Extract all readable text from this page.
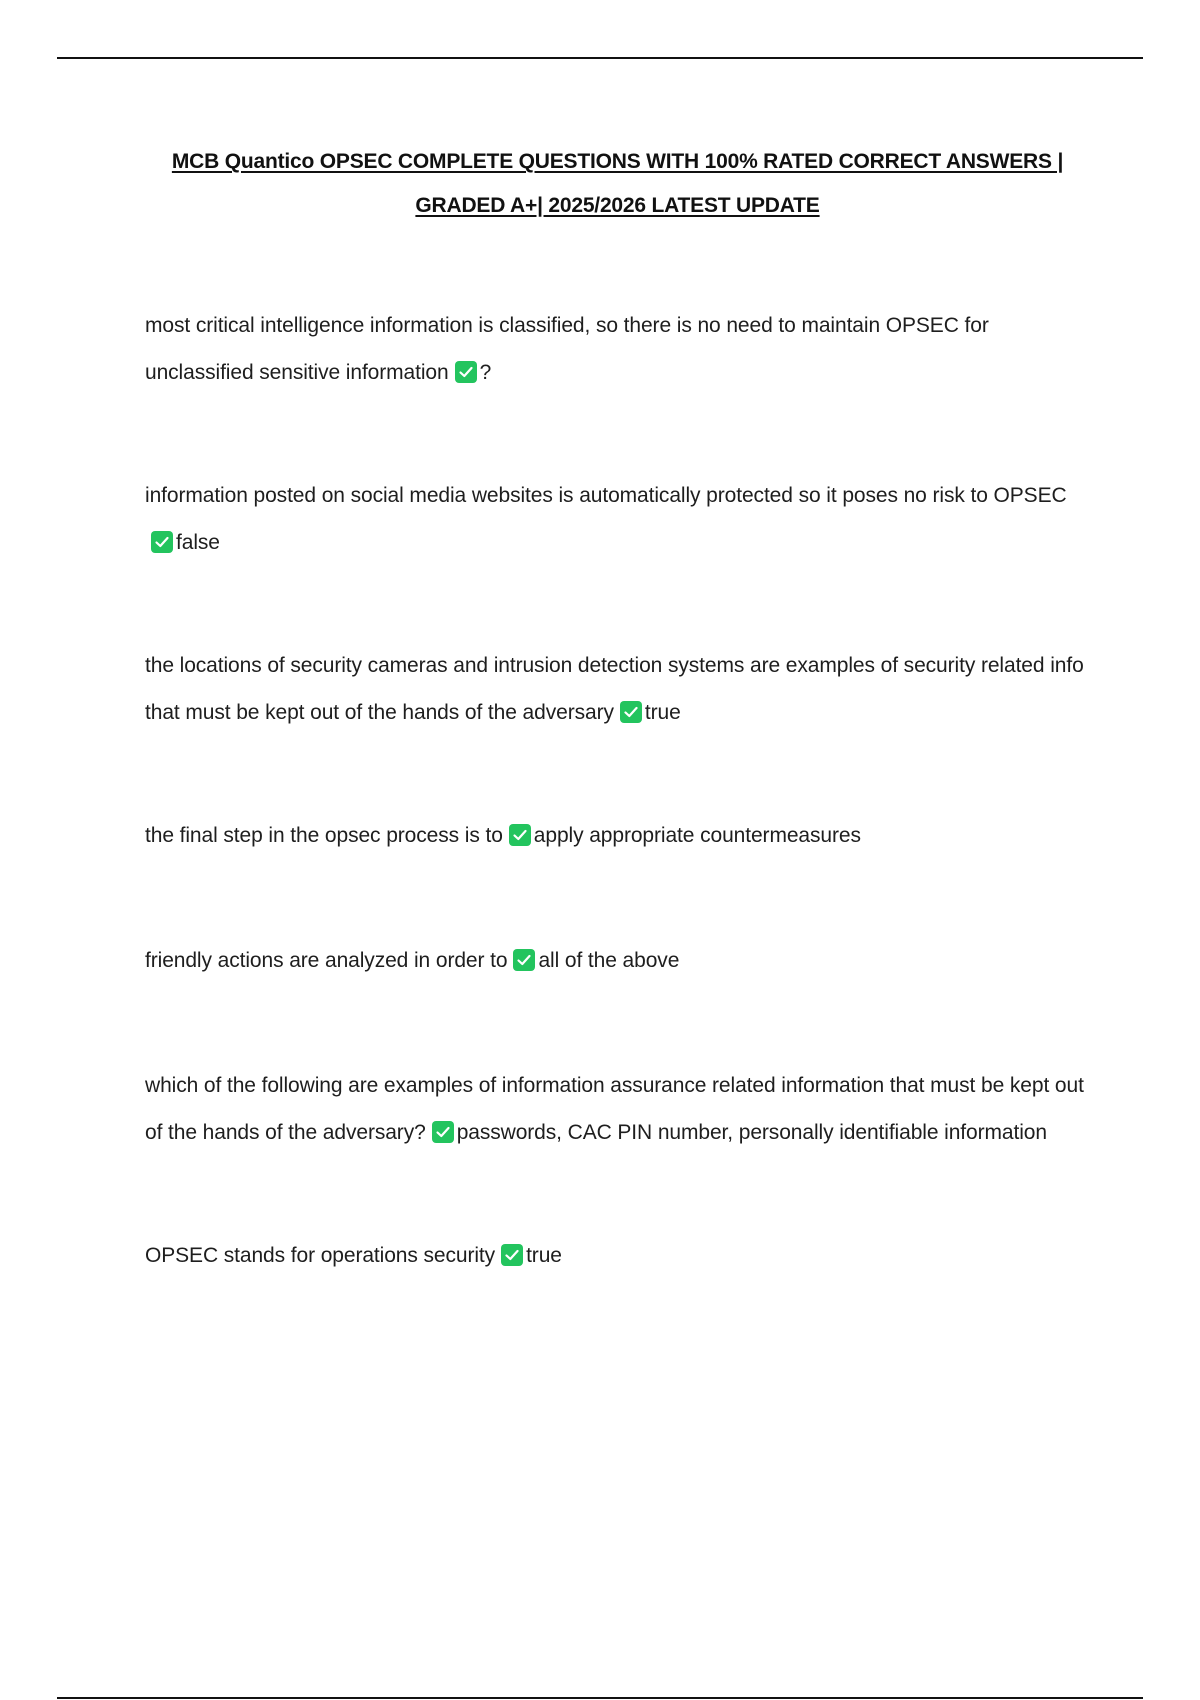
MCB Quantico OPSEC COMPLETE QUESTIONS WITH 100% RATED CORRECT ANSWERS | GRADED A+| 2025/2026 LATEST UPDATE
most critical intelligence information is classified, so there is no need to maintain OPSEC for unclassified sensitive information ?
information posted on social media websites is automatically protected so it poses no risk to OPSEC
false
the locations of security cameras and intrusion detection systems are examples of security related info that must be kept out of the hands of the adversary true
the final step in the opsec process is to apply appropriate countermeasures
friendly actions are analyzed in order to all of the above
which of the following are examples of information assurance related information that must be kept out of the hands of the adversary? passwords, CAC PIN number, personally identifiable information
OPSEC stands for operations security true
